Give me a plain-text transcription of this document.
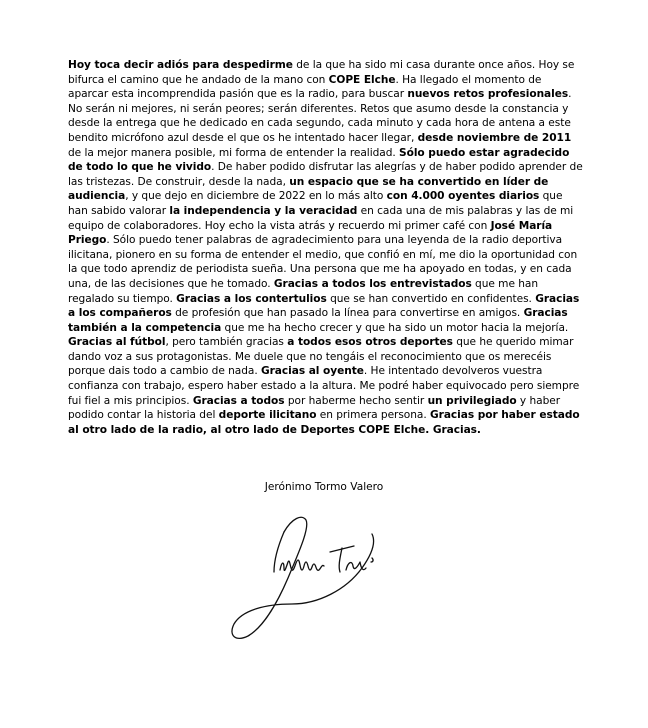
Hoy toca decir adiós para despedirme de la que ha sido mi casa durante once años. Hoy se bifurca el camino que he andado de la mano con COPE Elche. Ha llegado el momento de aparcar esta incomprendida pasión que es la radio, para buscar nuevos retos profesionales. No serán ni mejores, ni serán peores; serán diferentes. Retos que asumo desde la constancia y desde la entrega que he dedicado en cada segundo, cada minuto y cada hora de antena a este bendito micrófono azul desde el que os he intentado hacer llegar, desde noviembre de 2011 de la mejor manera posible, mi forma de entender la realidad. Sólo puedo estar agradecido de todo lo que he vivido. De haber podido disfrutar las alegrías y de haber podido aprender de las tristezas. De construir, desde la nada, un espacio que se ha convertido en líder de audiencia, y que dejo en diciembre de 2022 en lo más alto con 4.000 oyentes diarios que han sabido valorar la independencia y la veracidad en cada una de mis palabras y las de mi equipo de colaboradores. Hoy echo la vista atrás y recuerdo mi primer café con José María Priego. Sólo puedo tener palabras de agradecimiento para una leyenda de la radio deportiva ilicitana, pionero en su forma de entender el medio, que confió en mí, me dio la oportunidad con la que todo aprendiz de periodista sueña. Una persona que me ha apoyado en todas, y en cada una, de las decisiones que he tomado. Gracias a todos los entrevistados que me han regalado su tiempo. Gracias a los contertulios que se han convertido en confidentes. Gracias a los compañeros de profesión que han pasado la línea para convertirse en amigos. Gracias también a la competencia que me ha hecho crecer y que ha sido un motor hacia la mejoría. Gracias al fútbol, pero también gracias a todos esos otros deportes que he querido mimar dando voz a sus protagonistas. Me duele que no tengáis el reconocimiento que os merecéis porque dais todo a cambio de nada. Gracias al oyente. He intentado devolveros vuestra confianza con trabajo, espero haber estado a la altura. Me podré haber equivocado pero siempre fui fiel a mis principios. Gracias a todos por haberme hecho sentir un privilegiado y haber podido contar la historia del deporte ilicitano en primera persona. Gracias por haber estado al otro lado de la radio, al otro lado de Deportes COPE Elche. Gracias.

Jerónimo Tormo Valero
